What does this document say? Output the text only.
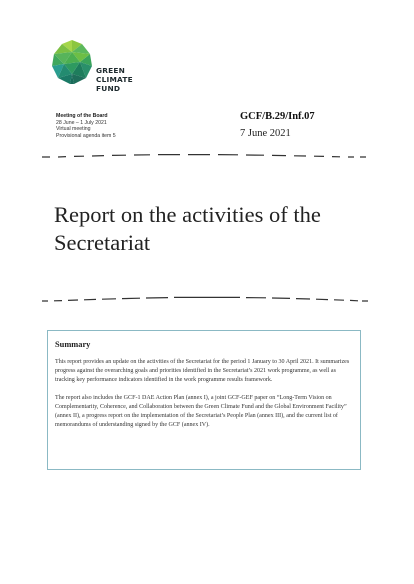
GREEN
CLIMATE
FUND
Meeting of the Board
28 June – 1 July 2021
Virtual meeting
Provisional agenda item 5
GCF/B.29/Inf.07
7 June 2021
Report on the activities of the Secretariat
Summary

This report provides an update on the activities of the Secretariat for the period 1 January to 30 April 2021. It summarizes progress against the overarching goals and priorities identified in the Secretariat’s 2021 work programme, as well as tracking key performance indicators identified in the work programme results framework.

The report also includes the GCF-1 DAE Action Plan (annex I), a joint GCF-GEF paper on “Long-Term Vision on Complementarity, Coherence, and Collaboration between the Green Climate Fund and the Global Environment Facility” (annex II), a progress report on the implementation of the Secretariat’s People Plan (annex III), and the current list of memorandums of understanding signed by the GCF (annex IV).
